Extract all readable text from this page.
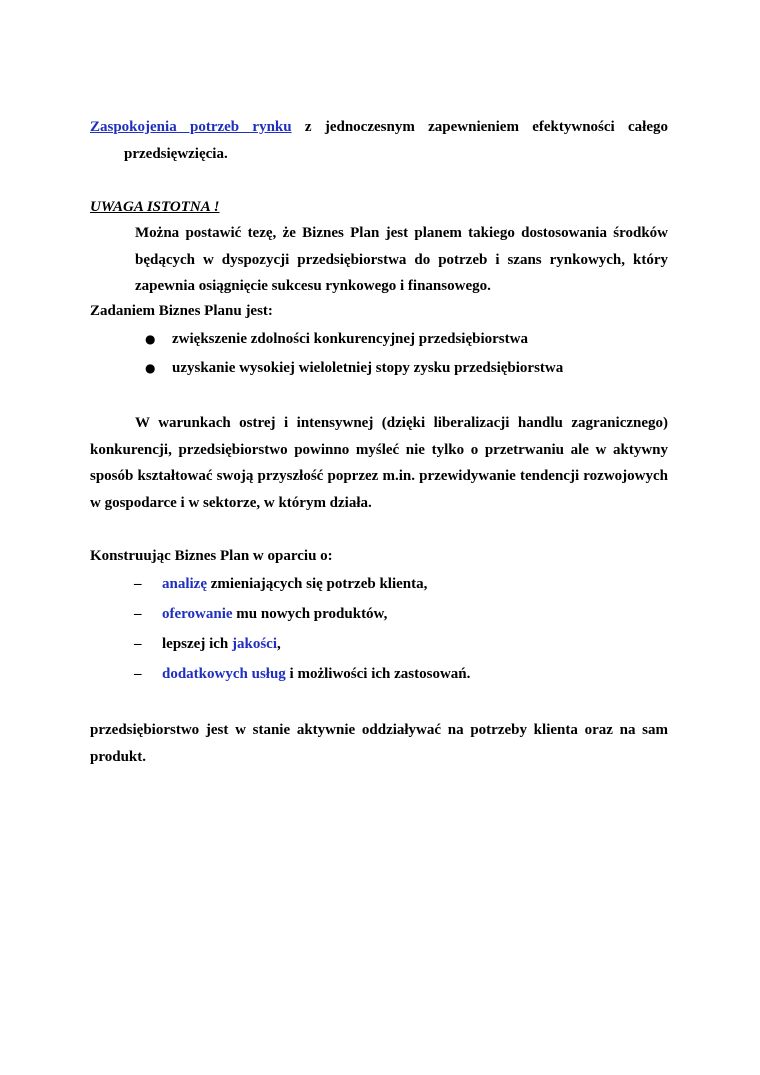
Zaspokojenia potrzeb rynku z jednoczesnym zapewnieniem efektywności całego
przedsięwzięcia.

UWAGA ISTOTNA !

Można postawić tezę, że Biznes Plan jest planem takiego dostosowania środków będących w dyspozycji przedsiębiorstwa do potrzeb i szans rynkowych, który zapewnia osiągnięcie sukcesu rynkowego i finansowego.

Zadaniem Biznes Planu jest:

● zwiększenie zdolności konkurencyjnej przedsiębiorstwa

● uzyskanie wysokiej wieloletniej stopy zysku przedsiębiorstwa

W warunkach ostrej i intensywnej (dzięki liberalizacji handlu zagranicznego) konkurencji, przedsiębiorstwo powinno myśleć nie tylko o przetrwaniu ale w aktywny sposób kształtować swoją przyszłość poprzez m.in. przewidywanie tendencji rozwojowych w gospodarce i w sektorze, w którym działa.

Konstruując Biznes Plan w oparciu o:

– analizę zmieniających się potrzeb klienta,

– oferowanie mu nowych produktów,

– lepszej ich jakości,

– dodatkowych usług i możliwości ich zastosowań.

przedsiębiorstwo jest w stanie aktywnie oddziaływać na potrzeby klienta oraz na sam produkt.
